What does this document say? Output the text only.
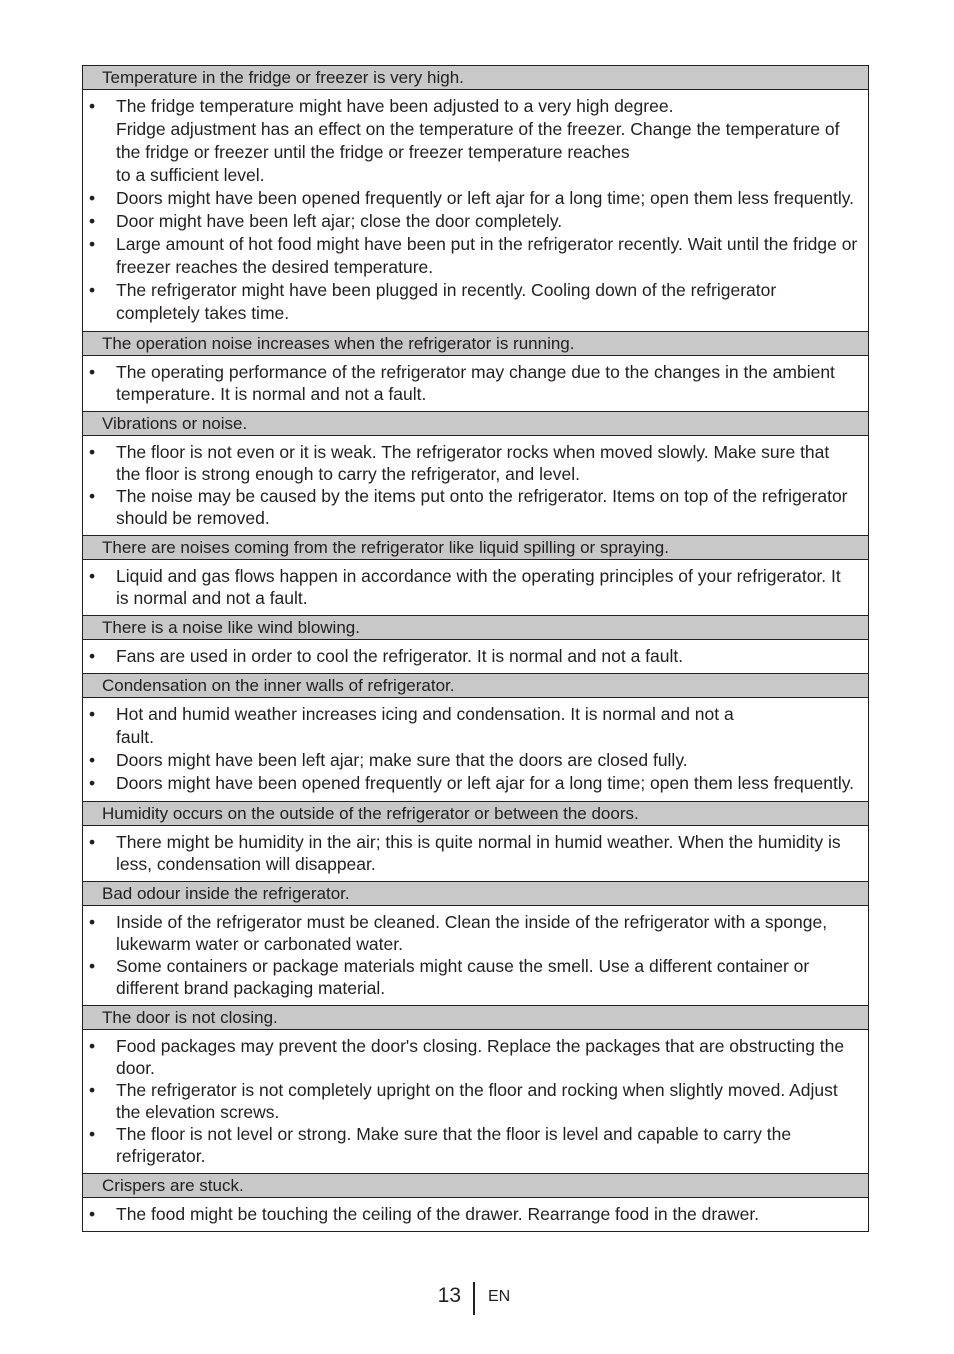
Temperature in the fridge or freezer is very high.
•	The fridge temperature might have been adjusted to a very high degree.
Fridge adjustment has an effect on the temperature of the freezer. Change the temperature of the fridge or freezer until the fridge or freezer temperature reaches
to a sufficient level.
•	Doors might have been opened frequently or left ajar for a long time; open them less frequently.
•	Door might have been left ajar; close the door completely.
•	Large amount of hot food might have been put in the refrigerator recently. Wait until the fridge or freezer reaches the desired temperature.
•	The refrigerator might have been plugged in recently. Cooling down of the refrigerator completely takes time.
The operation noise increases when the refrigerator is running.
•	The operating performance of the refrigerator may change due to the changes in the ambient temperature. It is normal and not a fault.
Vibrations or noise.
•	The floor is not even or it is weak. The refrigerator rocks when moved slowly. Make sure that the floor is strong enough to carry the refrigerator, and level.
•	The noise may be caused by the items put onto the refrigerator. Items on top of the refrigerator should be removed.
There are noises coming from the refrigerator like liquid spilling or spraying.
•	Liquid and gas flows happen in accordance with the operating principles of your refrigerator. It is normal and not a fault.
There is a noise like wind blowing.
•	Fans are used in order to cool the refrigerator. It is normal and not a fault.
Condensation on the inner walls of refrigerator.
•	Hot and humid weather increases icing and condensation. It is normal and not a
fault.
•	Doors might have been left ajar; make sure that the doors are closed fully.
•	Doors might have been opened frequently or left ajar for a long time; open them less frequently.
Humidity occurs on the outside of the refrigerator or between the doors.
•	There might be humidity in the air; this is quite normal in humid weather. When the humidity is less, condensation will disappear.
Bad odour inside the refrigerator.
•	Inside of the refrigerator must be cleaned. Clean the inside of the refrigerator with a sponge, lukewarm water or carbonated water.
•	Some containers or package materials might cause the smell. Use a different container or different brand packaging material.
The door is not closing.
•	Food packages may prevent the door's closing. Replace the packages that are obstructing the door.
•	The refrigerator is not completely upright on the floor and rocking when slightly moved. Adjust the elevation screws.
•	The floor is not level or strong. Make sure that the floor is level and capable to carry the refrigerator.
Crispers are stuck.
•	The food might be touching the ceiling of the drawer. Rearrange food in the drawer.
13 EN
